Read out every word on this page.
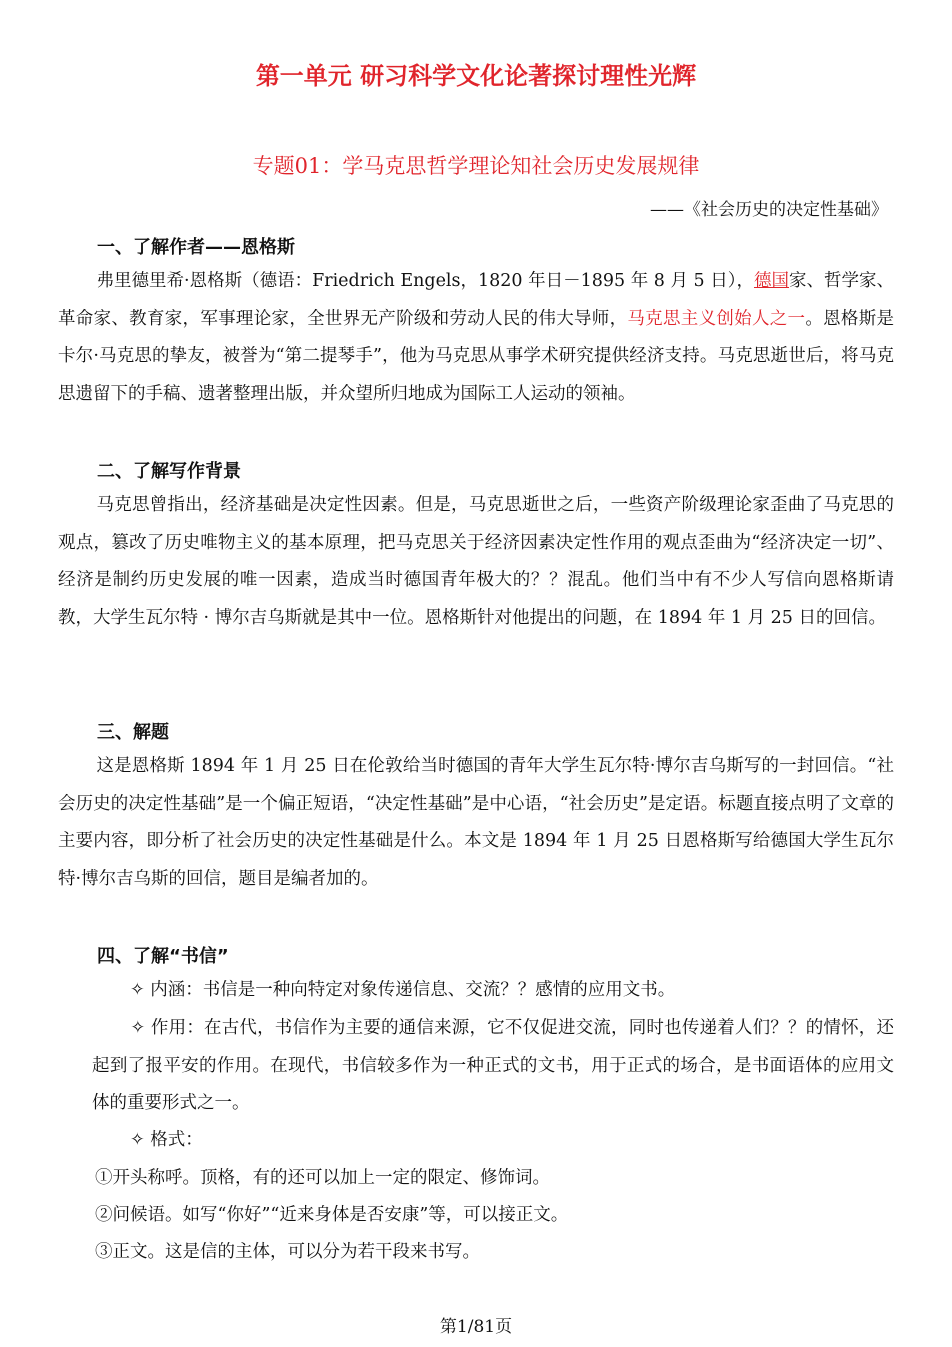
第一单元 研习科学文化论著探讨理性光辉
专题01：学马克思哲学理论知社会历史发展规律
——《社会历史的决定性基础》
一、了解作者——恩格斯
弗里德里希·恩格斯（德语：Friedrich Engels，1820 年日－1895 年 8 月 5 日），德国家、哲学家、革命家、教育家，军事理论家，全世界无产阶级和劳动人民的伟大导师，马克思主义创始人之一。恩格斯是卡尔·马克思的挚友，被誉为“第二提琴手”，他为马克思从事学术研究提供经济支持。马克思逝世后，将马克思遗留下的手稿、遗著整理出版，并众望所归地成为国际工人运动的领袖。
二、了解写作背景
马克思曾指出，经济基础是决定性因素。但是，马克思逝世之后，一些资产阶级理论家歪曲了马克思的观点，篡改了历史唯物主义的基本原理，把马克思关于经济因素决定性作用的观点歪曲为“经济决定一切”、经济是制约历史发展的唯一因素，造成当时德国青年极大的？？混乱。他们当中有不少人写信向恩格斯请教，大学生瓦尔特 · 博尔吉乌斯就是其中一位。恩格斯针对他提出的问题，在 1894 年 1 月 25 日的回信。
三、解题
这是恩格斯 1894 年 1 月 25 日在伦敦给当时德国的青年大学生瓦尔特·博尔吉乌斯写的一封回信。“社会历史的决定性基础”是一个偏正短语，“决定性基础”是中心语，“社会历史”是定语。标题直接点明了文章的主要内容，即分析了社会历史的决定性基础是什么。本文是 1894 年 1 月 25 日恩格斯写给德国大学生瓦尔特·博尔吉乌斯的回信，题目是编者加的。
四、了解“书信”
✧ 内涵：书信是一种向特定对象传递信息、交流？？感情的应用文书。
✧ 作用：在古代，书信作为主要的通信来源，它不仅促进交流，同时也传递着人们？？的情怀，还起到了报平安的作用。在现代，书信较多作为一种正式的文书，用于正式的场合，是书面语体的应用文体的重要形式之一。
✧ 格式：
①开头称呼。顶格，有的还可以加上一定的限定、修饰词。
②问候语。如写“你好”“近来身体是否安康”等，可以接正文。
③正文。这是信的主体，可以分为若干段来书写。
第1/81页
